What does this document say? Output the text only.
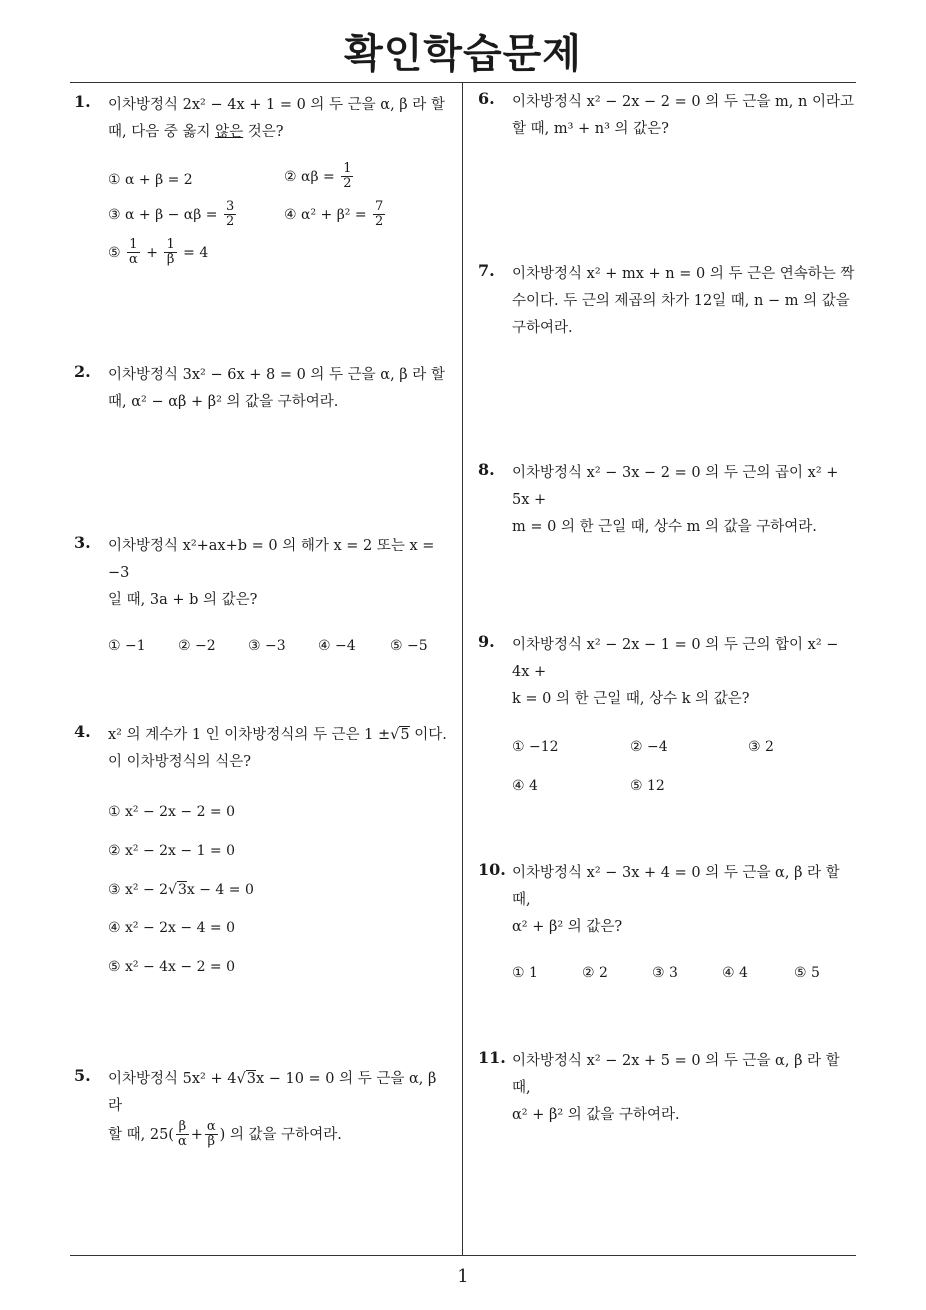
확인학습문제
1
1. 이차방정식 2x² − 4x + 1 = 0 의 두 근을 α, β 라 할
때, 다음 중 옳지 않은 것은?
① α + β = 2	② $\alpha\beta = \frac{1}{2}$
③ $\alpha + \beta - \alpha\beta = \frac{3}{2}$	④ $\alpha^2 + \beta^2 = \frac{7}{2}$
⑤ $\frac{1}{\alpha} + \frac{1}{\beta} = 4$
2. 이차방정식 3x² − 6x + 8 = 0 의 두 근을 α, β 라 할
때, α² − αβ + β² 의 값을 구하여라.
3. 이차방정식 x²+ax+b = 0 의 해가 x = 2 또는 x = −3
일 때, 3a + b 의 값은?
① −1 ② −2 ③ −3 ④ −4 ⑤ −5
4. x² 의 계수가 1 인 이차방정식의 두 근은 1 ±√5 이다.
이 이차방정식의 식은?
① x² − 2x − 2 = 0
② x² − 2x − 1 = 0
③ x² − 2√3x − 4 = 0
④ x² − 2x − 4 = 0
⑤ x² − 4x − 2 = 0
5. 이차방정식 5x² + 4√3x − 10 = 0 의 두 근을 α, β 라
할 때, $25( \frac{\beta}{\alpha} + \frac{\alpha}{\beta}$ ) 의 값을 구하여라.
6. 이차방정식 x² − 2x − 2 = 0 의 두 근을 m, n 이라고
할 때, m³ + n³ 의 값은?
7. 이차방정식 x² + mx + n = 0 의 두 근은 연속하는 짝
수이다. 두 근의 제곱의 차가 12일 때, n − m 의 값을
구하여라.
8. 이차방정식 x² − 3x − 2 = 0 의 두 근의 곱이 x² + 5x +
m = 0 의 한 근일 때, 상수 m 의 값을 구하여라.
9. 이차방정식 x² − 2x − 1 = 0 의 두 근의 합이 x² − 4x +
k = 0 의 한 근일 때, 상수 k 의 값은?
① −12	② −4	③ 2
④ 4	⑤ 12
10. 이차방정식 x² − 3x + 4 = 0 의 두 근을 α, β 라 할 때,
α² + β² 의 값은?
① 1	② 2	③ 3	④ 4	⑤ 5
11. 이차방정식 x² − 2x + 5 = 0 의 두 근을 α, β 라 할 때,
α² + β² 의 값을 구하여라.
